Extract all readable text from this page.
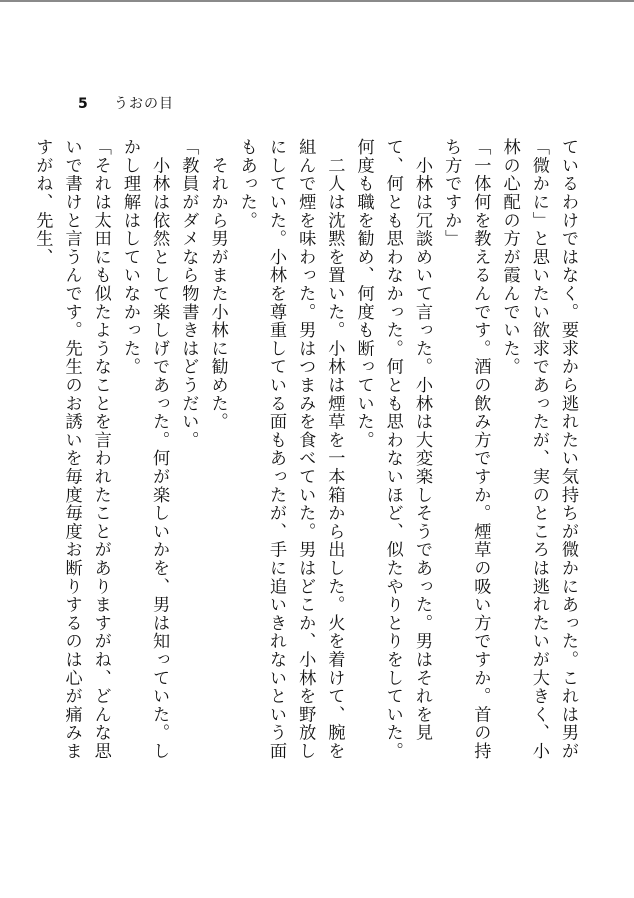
5	うおの目

ているわけではなく。要求から逃れたい気持ちが微かにあった。これは男が「微かに」と思いたい欲求であったが、実のところは逃れたいが大きく、小林の心配の方が霞んでいた。

「一体何を教えるんです。酒の飲み方ですか。煙草の吸い方ですか。首の持ち方ですか」

　小林は冗談めいて言った。小林は大変楽しそうであった。男はそれを見て、何とも思わなかった。何とも思わないほど、似たやりとりをしていた。何度も職を勧め、何度も断っていた。

　二人は沈黙を置いた。小林は煙草を一本箱から出した。火を着けて、腕を組んで煙を味わった。男はつまみを食べていた。男はどこか、小林を野放しにしていた。小林を尊重している面もあったが、手に追いきれないという面もあった。

　それから男がまた小林に勧めた。

「教員がダメなら物書きはどうだい。

　小林は依然として楽しげであった。何が楽しいかを、男は知っていた。しかし理解はしていなかった。

「それは太田にも似たようなことを言われたことがありますがね、どんな思いで書けと言うんです。先生のお誘いを毎度毎度お断りするのは心が痛みますがね、先生、
